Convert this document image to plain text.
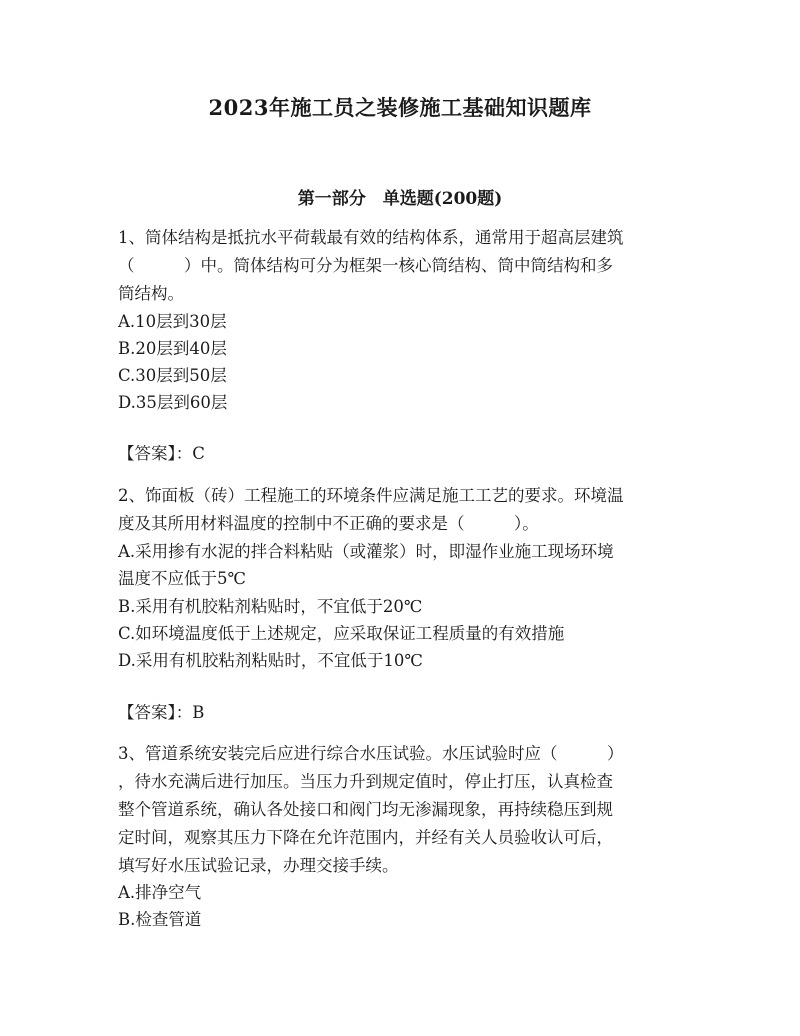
2023年施工员之装修施工基础知识题库
第一部分　单选题(200题)
1、筒体结构是抵抗水平荷载最有效的结构体系，通常用于超高层建筑
（　　　）中。筒体结构可分为框架一核心筒结构、筒中筒结构和多
筒结构。
A.10层到30层
B.20层到40层
C.30层到50层
D.35层到60层
【答案】：C
2、饰面板（砖）工程施工的环境条件应满足施工工艺的要求。环境温
度及其所用材料温度的控制中不正确的要求是（　　　）。
A.采用掺有水泥的拌合料粘贴（或灌浆）时，即湿作业施工现场环境
温度不应低于5℃
B.采用有机胶粘剂粘贴时，不宜低于20℃
C.如环境温度低于上述规定，应采取保证工程质量的有效措施
D.采用有机胶粘剂粘贴时，不宜低于10℃
【答案】：B
3、管道系统安装完后应进行综合水压试验。水压试验时应（　　　）
，待水充满后进行加压。当压力升到规定值时，停止打压，认真检查
整个管道系统，确认各处接口和阀门均无渗漏现象，再持续稳压到规
定时间，观察其压力下降在允许范围内，并经有关人员验收认可后，
填写好水压试验记录，办理交接手续。
A.排净空气
B.检查管道
